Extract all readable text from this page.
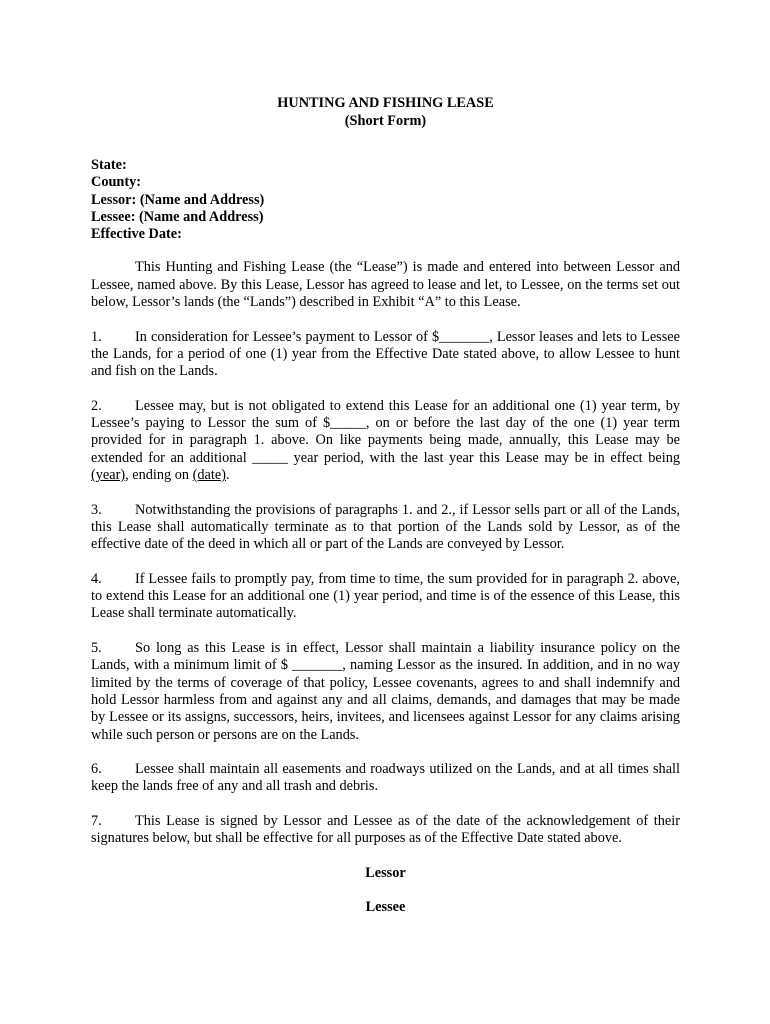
HUNTING AND FISHING LEASE
(Short Form)
State:
County:
Lessor: (Name and Address)
Lessee: (Name and Address)
Effective Date:

This Hunting and Fishing Lease (the “Lease”) is made and entered into between Lessor and Lessee, named above. By this Lease, Lessor has agreed to lease and let, to Lessee, on the terms set out below, Lessor’s lands (the “Lands”) described in Exhibit “A” to this Lease.

1. In consideration for Lessee’s payment to Lessor of $_______, Lessor leases and lets to Lessee the Lands, for a period of one (1) year from the Effective Date stated above, to allow Lessee to hunt and fish on the Lands.

2. Lessee may, but is not obligated to extend this Lease for an additional one (1) year term, by Lessee’s paying to Lessor the sum of $_____, on or before the last day of the one (1) year term provided for in paragraph 1. above. On like payments being made, annually, this Lease may be extended for an additional _____ year period, with the last year this Lease may be in effect being (year), ending on (date).

3. Notwithstanding the provisions of paragraphs 1. and 2., if Lessor sells part or all of the Lands, this Lease shall automatically terminate as to that portion of the Lands sold by Lessor, as of the effective date of the deed in which all or part of the Lands are conveyed by Lessor.

4. If Lessee fails to promptly pay, from time to time, the sum provided for in paragraph 2. above, to extend this Lease for an additional one (1) year period, and time is of the essence of this Lease, this Lease shall terminate automatically.

5. So long as this Lease is in effect, Lessor shall maintain a liability insurance policy on the Lands, with a minimum limit of $ _______, naming Lessor as the insured. In addition, and in no way limited by the terms of coverage of that policy, Lessee covenants, agrees to and shall indemnify and hold Lessor harmless from and against any and all claims, demands, and damages that may be made by Lessee or its assigns, successors, heirs, invitees, and licensees against Lessor for any claims arising while such person or persons are on the Lands.

6. Lessee shall maintain all easements and roadways utilized on the Lands, and at all times shall keep the lands free of any and all trash and debris.

7. This Lease is signed by Lessor and Lessee as of the date of the acknowledgement of their signatures below, but shall be effective for all purposes as of the Effective Date stated above.

Lessor
Lessee
